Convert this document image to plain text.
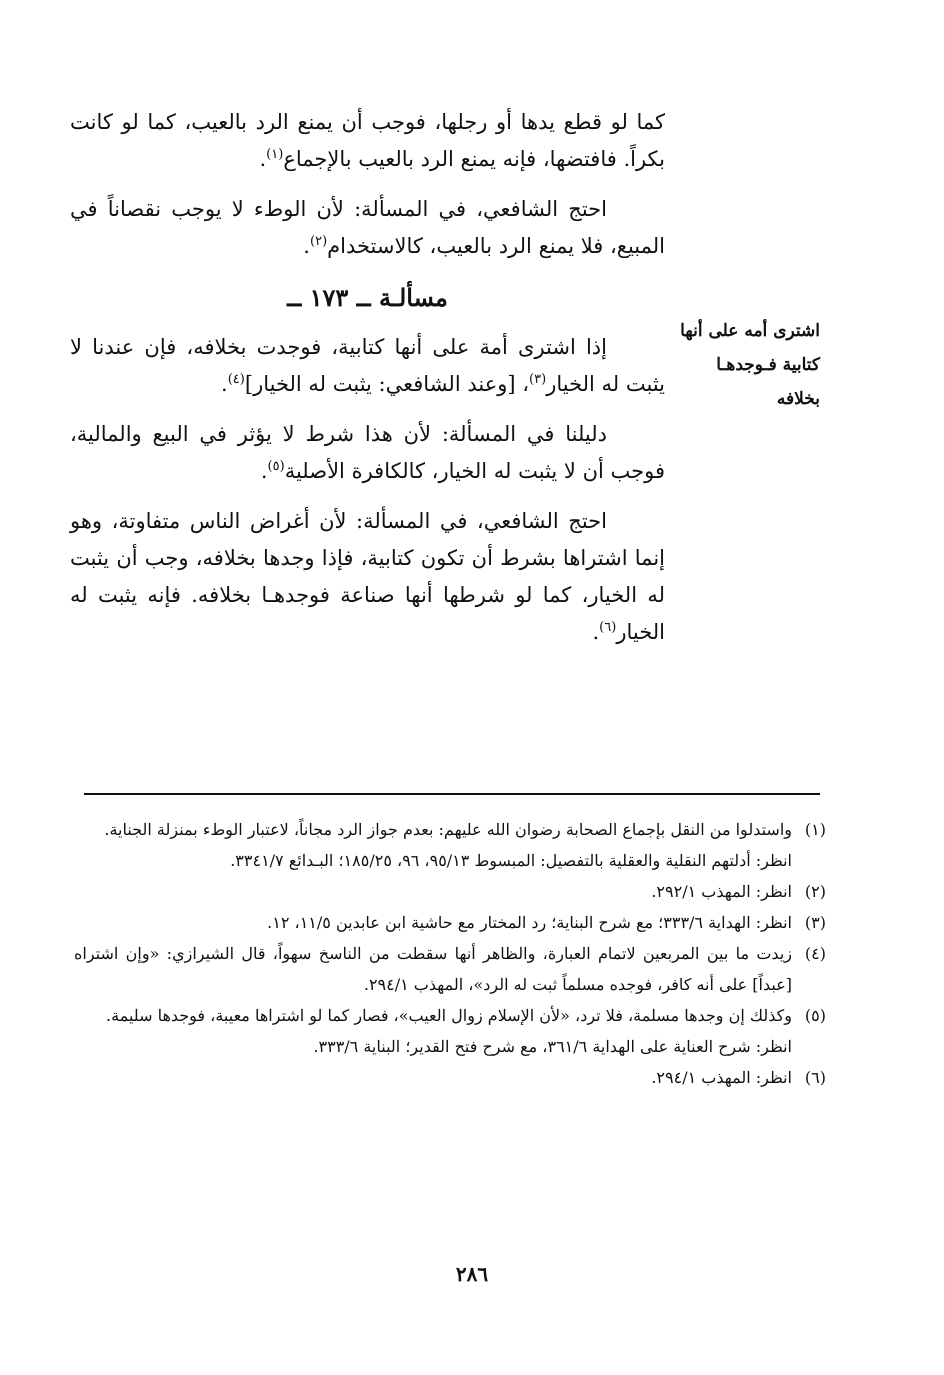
كما لو قطع يدها أو رجلها، فوجب أن يمنع الرد بالعيب، كما لو كانت بكراً. فافتضها، فإنه يمنع الرد بالعيب بالإجماع$^{(١)}$.

احتج الشافعي، في المسألة: لأن الوطء لا يوجب نقصاناً في المبيع، فلا يمنع الرد بالعيب، كالاستخدام$^{(٢)}$.

مسألـة ــ ١٧٣ ــ

إذا اشترى أمة على أنها كتابية، فوجدت بخلافه، فإن عندنا لا يثبت له الخيار$^{(٣)}$، [وعند الشافعي: يثبت له الخيار]$^{(٤)}$.

دليلنا في المسألة: لأن هذا شرط لا يؤثر في البيع والمالية، فوجب أن لا يثبت له الخيار، كالكافرة الأصلية$^{(٥)}$.

احتج الشافعي، في المسألة: لأن أغراض الناس متفاوتة، وهو إنما اشتراها بشرط أن تكون كتابية، فإذا وجدها بخلافه، وجب أن يثبت له الخيار، كما لو شرطها أنها صناعة فوجدهـا بخلافه. فإنه يثبت له الخيار$^{(٦)}$.

اشترى أمه على أنها
كتابية فـوجدهـا
بخلافه
(١)
واستدلوا من النقل بإجماع الصحابة رضوان الله عليهم: بعدم جواز الرد مجاناً، لاعتبار الوطء بمنزلة الجناية.
انظر: أدلتهم النقلية والعقلية بالتفصيل: المبسوط ٩٥/١٣، ٩٦، ١٨٥/٢٥؛ البـدائع ٣٣٤١/٧.
(٢)
انظر: المهذب ٢٩٢/١.
(٣)
انظر: الهداية ٣٣٣/٦؛ مع شرح البناية؛ رد المختار مع حاشية ابن عابدين ١١/٥، ١٢.
(٤)
زيدت ما بين المربعين لاتمام العبارة، والظاهر أنها سقطت من الناسخ سهواً، قال الشيرازي: «وإن اشتراه [عبداً] على أنه كافر، فوجده مسلماً ثبت له الرد»، المهذب ٢٩٤/١.
(٥)
وكذلك إن وجدها مسلمة، فلا ترد، «لأن الإسلام زوال العيب»، فصار كما لو اشتراها معيبة، فوجدها سليمة.
انظر: شرح العناية على الهداية ٣٦١/٦، مع شرح فتح القدير؛ البناية ٣٣٣/٦.
(٦)
انظر: المهذب ٢٩٤/١.
٢٨٦
